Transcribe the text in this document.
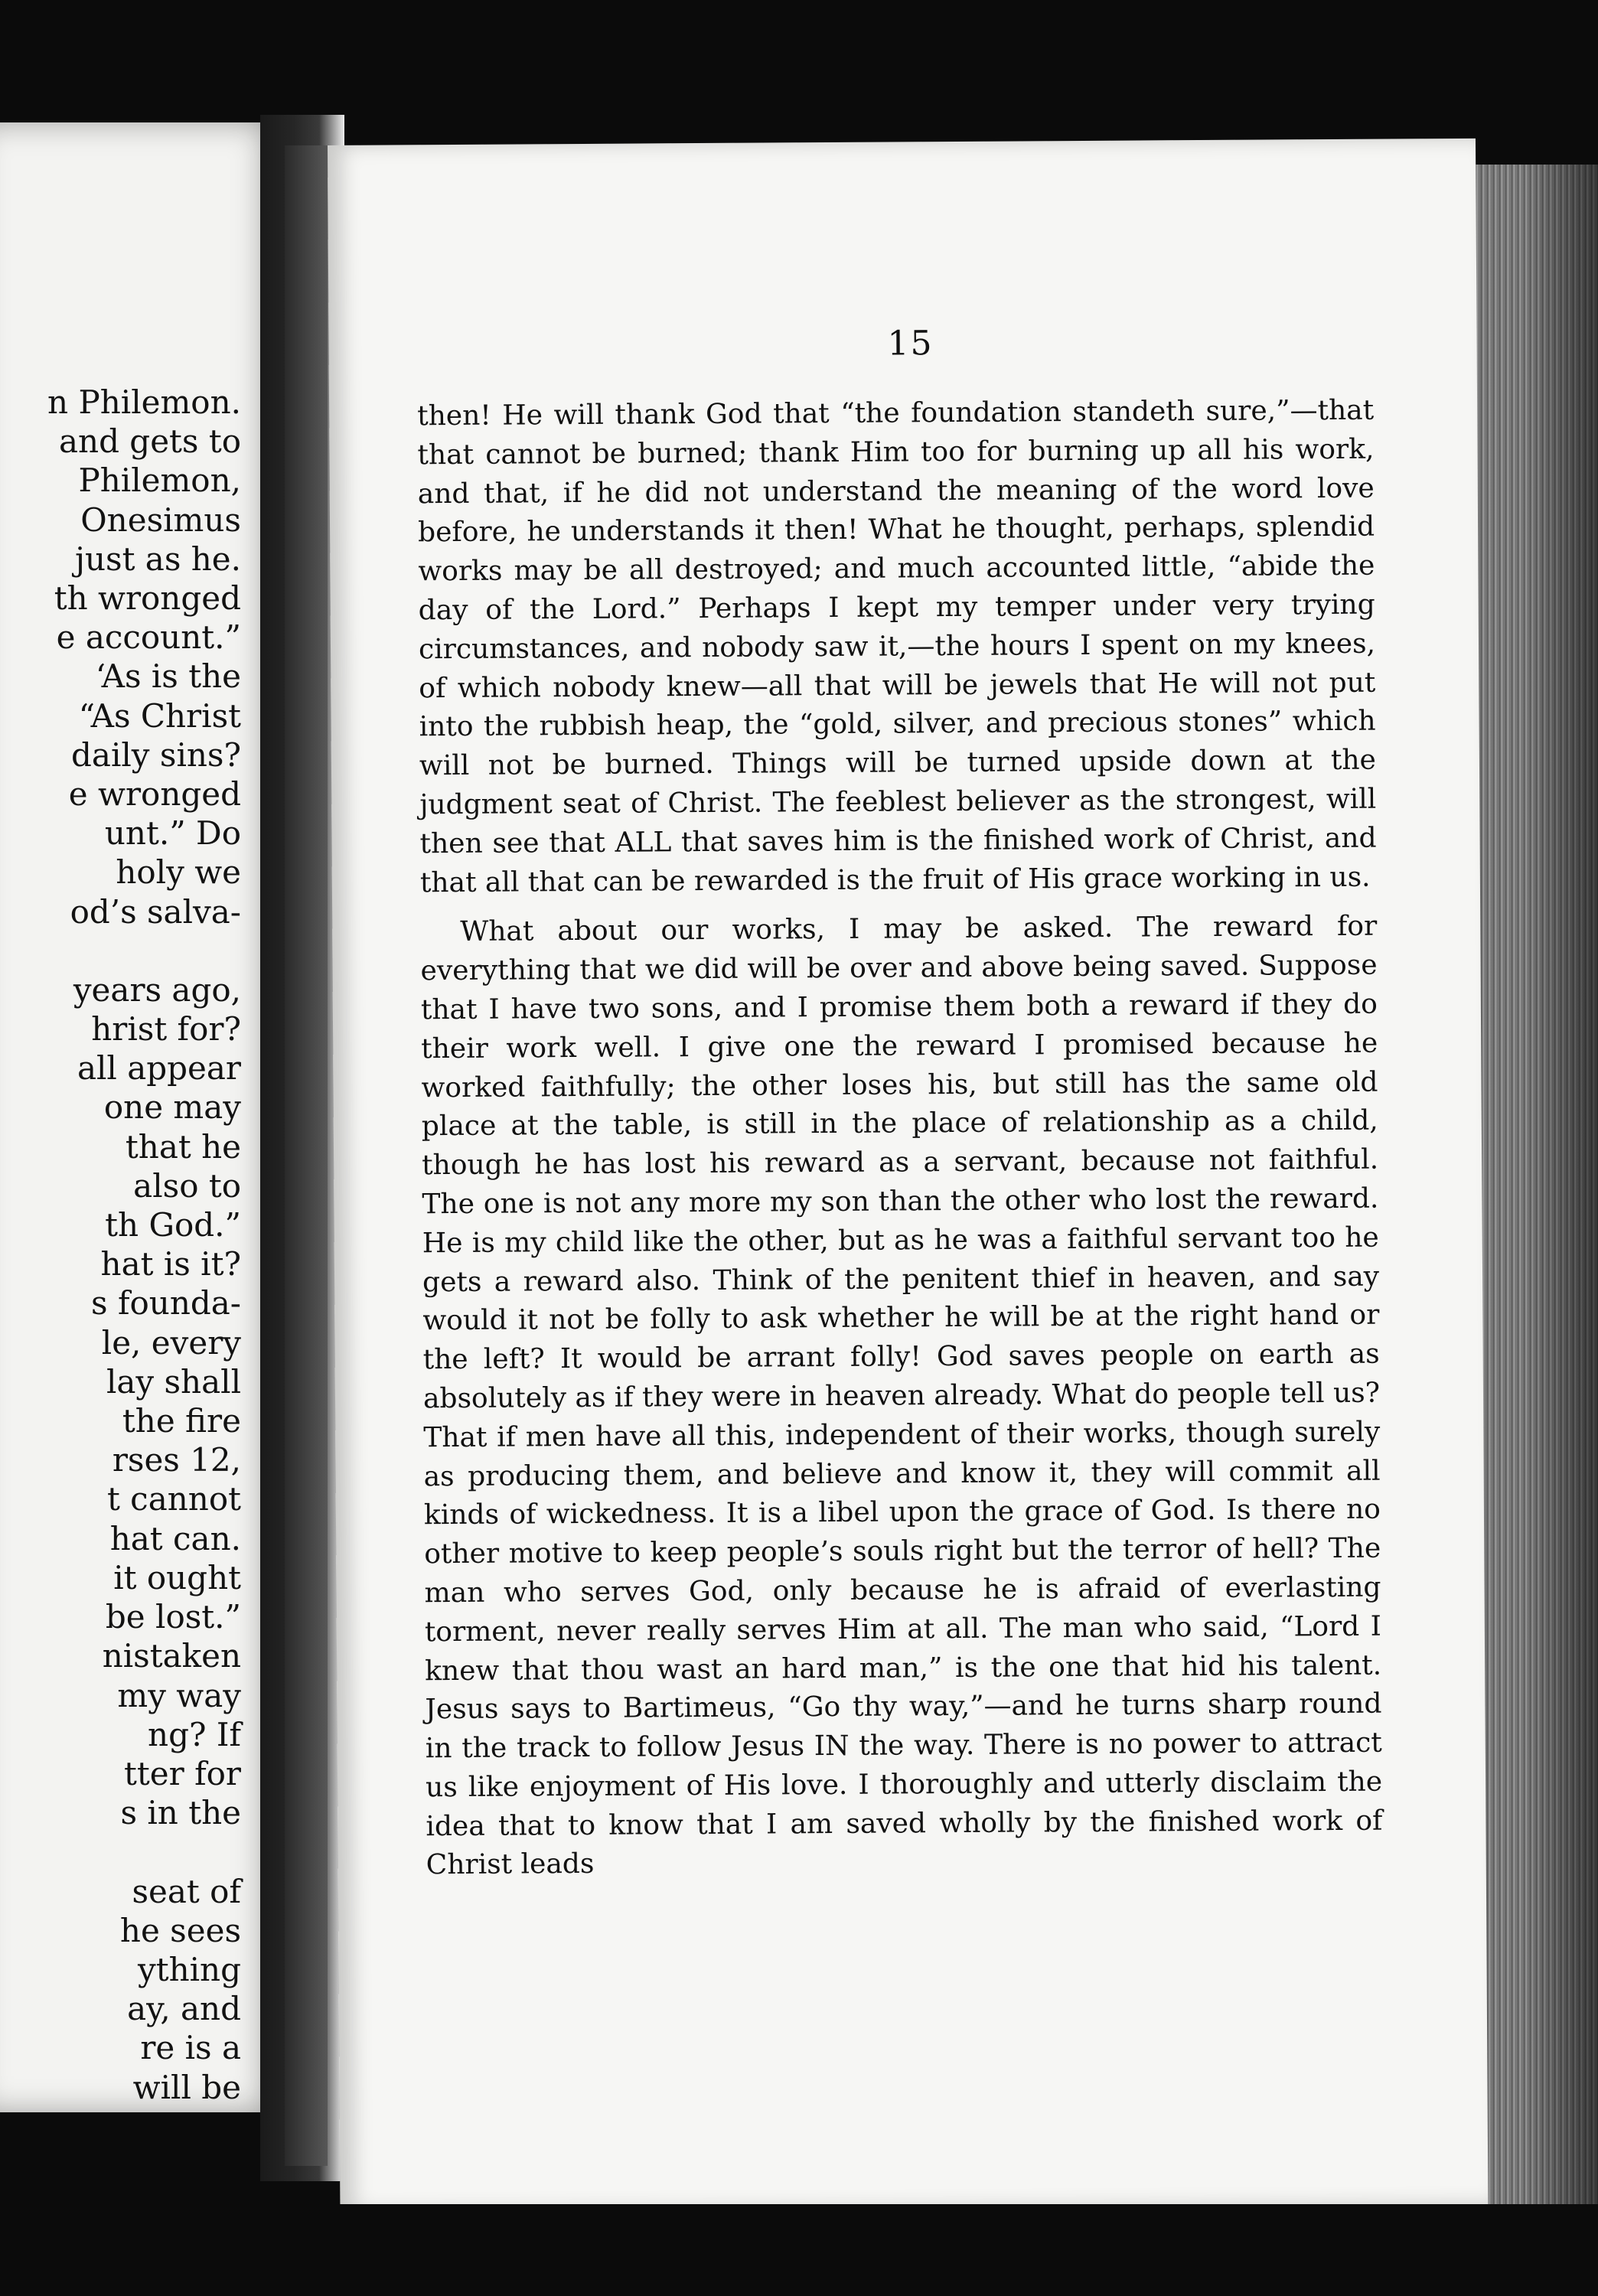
n Philemon.
and gets to
Philemon,
Onesimus
just as he.
th wronged
e account.”
‘As is the
“As Christ
daily sins?
e wronged
unt.” Do
holy we
od’s salva-
years ago,
hrist for?
all appear
one may
that he
also to
th God.”
hat is it?
s founda-
le, every
lay shall
the fire
rses 12,
t cannot
hat can.
it ought
be lost.”
nistaken
my way
ng? If
tter for
s in the

seat of
he sees
ything
ay, and
re is a
will be
15

then! He will thank God that “the foundation standeth sure,”—that that cannot be burned; thank Him too for burning up all his work, and that, if he did not understand the meaning of the word love before, he understands it then! What he thought, perhaps, splendid works may be all destroyed; and much accounted little, “abide the day of the Lord.” Perhaps I kept my temper under very trying circumstances, and nobody saw it,—the hours I spent on my knees, of which nobody knew—all that will be jewels that He will not put into the rubbish heap, the “gold, silver, and precious stones” which will not be burned. Things will be turned upside down at the judgment seat of Christ. The feeblest believer as the strongest, will then see that ALL that saves him is the finished work of Christ, and that all that can be rewarded is the fruit of His grace working in us.

What about our works, I may be asked. The reward for everything that we did will be over and above being saved. Suppose that I have two sons, and I promise them both a reward if they do their work well. I give one the reward I promised because he worked faithfully; the other loses his, but still has the same old place at the table, is still in the place of relationship as a child, though he has lost his reward as a servant, because not faithful. The one is not any more my son than the other who lost the reward. He is my child like the other, but as he was a faithful servant too he gets a reward also. Think of the penitent thief in heaven, and say would it not be folly to ask whether he will be at the right hand or the left? It would be arrant folly! God saves people on earth as absolutely as if they were in heaven already. What do people tell us? That if men have all this, independent of their works, though surely as producing them, and believe and know it, they will commit all kinds of wickedness. It is a libel upon the grace of God. Is there no other motive to keep people’s souls right but the terror of hell? The man who serves God, only because he is afraid of everlasting torment, never really serves Him at all. The man who said, “Lord I knew that thou wast an hard man,” is the one that hid his talent. Jesus says to Bartimeus, “Go thy way,”—and he turns sharp round in the track to follow Jesus IN the way. There is no power to attract us like enjoyment of His love. I thoroughly and utterly disclaim the idea that to know that I am saved wholly by the finished work of Christ leads
